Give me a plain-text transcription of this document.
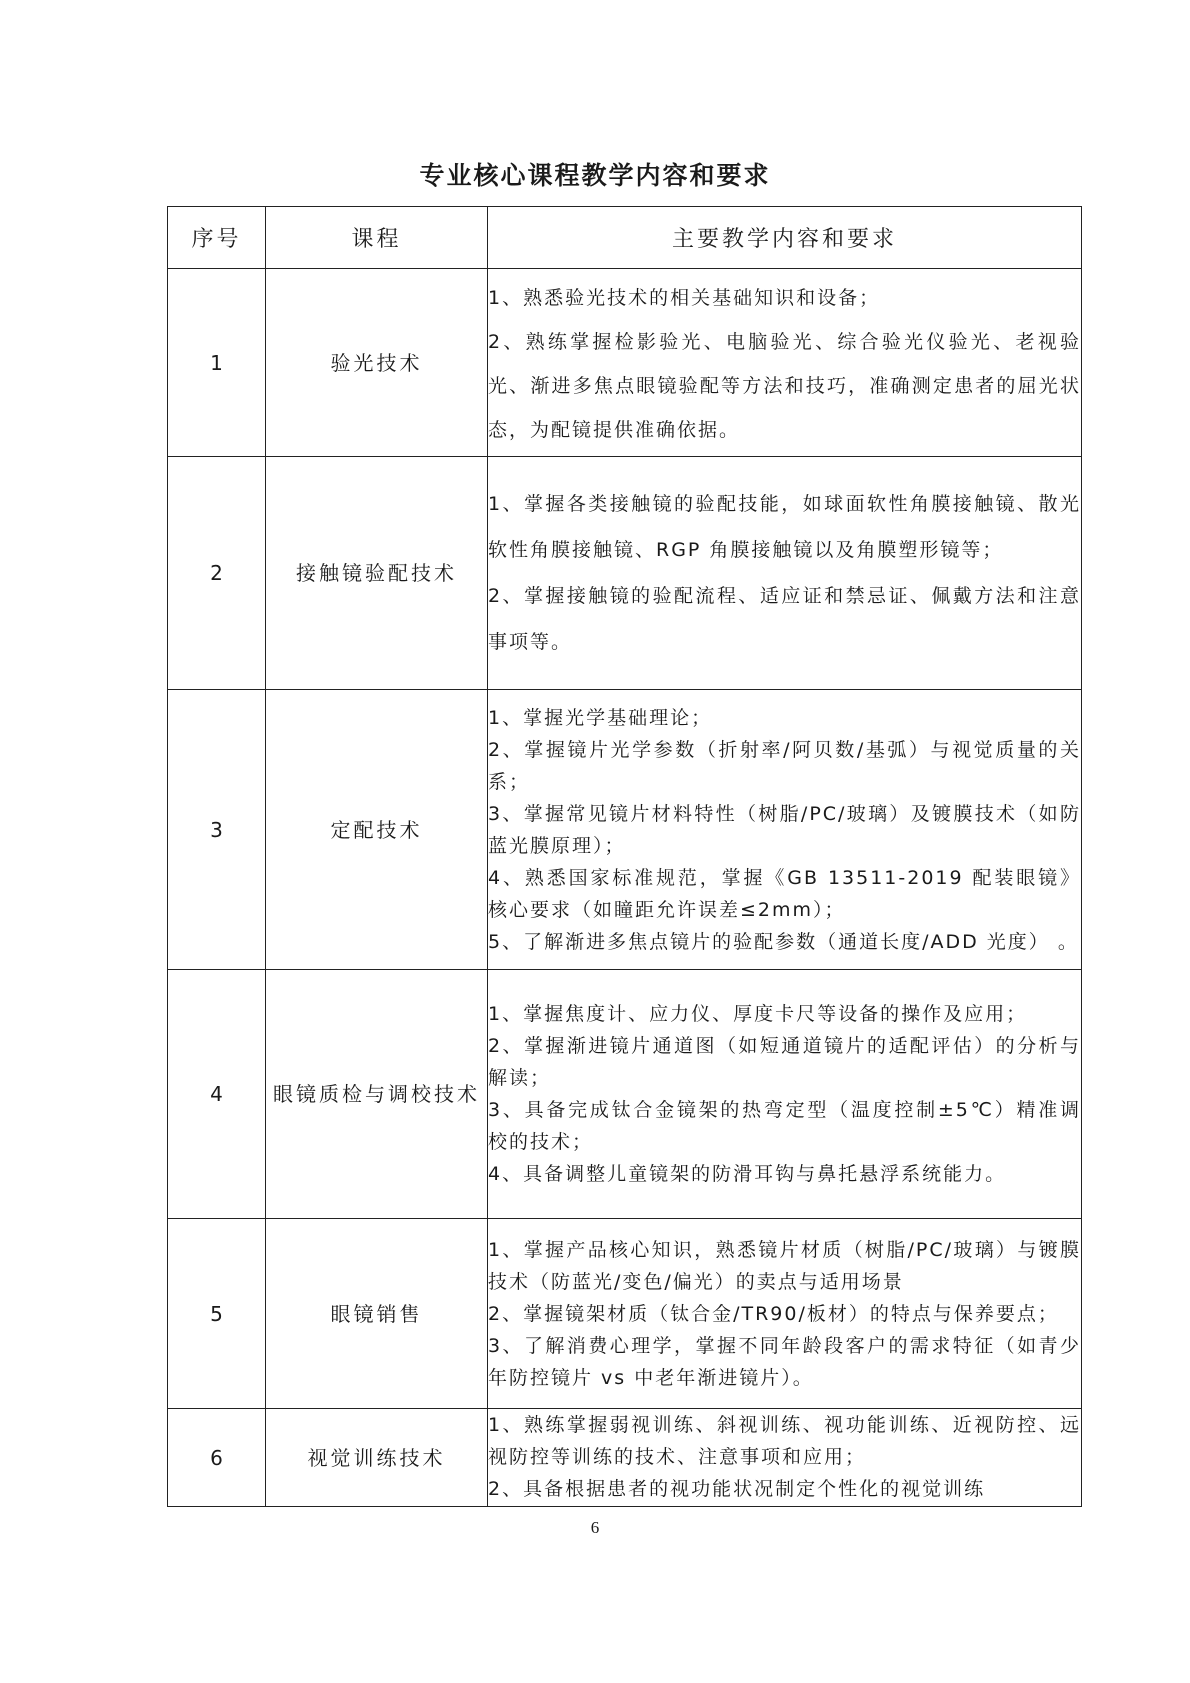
专业核心课程教学内容和要求
序号	课程	主要教学内容和要求
1	验光技术	1、熟悉验光技术的相关基础知识和设备；
2、熟练掌握检影验光、电脑验光、综合验光仪验光、老视验光、渐进多焦点眼镜验配等方法和技巧，准确测定患者的屈光状态，为配镜提供准确依据。

2	接触镜验配技术	1、掌握各类接触镜的验配技能，如球面软性角膜接触镜、散光软性角膜接触镜、RGP 角膜接触镜以及角膜塑形镜等；
2、掌握接触镜的验配流程、适应证和禁忌证、佩戴方法和注意事项等。

3	定配技术	1、掌握光学基础理论；
2、掌握镜片光学参数（折射率/阿贝数/基弧）与视觉质量的关系；
3、掌握常见镜片材料特性（树脂/PC/玻璃）及镀膜技术（如防蓝光膜原理）；
4、熟悉国家标准规范，掌握《GB 13511-2019 配装眼镜》核心要求（如瞳距允许误差≤2mm）；
5、了解渐进多焦点镜片的验配参数（通道长度/ADD 光度） 。

4	眼镜质检与调校技术	1、掌握焦度计、应力仪、厚度卡尺等设备的操作及应用；
2、掌握渐进镜片通道图（如短通道镜片的适配评估）的分析与解读；
3、具备完成钛合金镜架的热弯定型（温度控制±5℃）精准调校的技术；
4、具备调整儿童镜架的防滑耳钩与鼻托悬浮系统能力。

5	眼镜销售	1、掌握产品核心知识，熟悉镜片材质（树脂/PC/玻璃）与镀膜技术（防蓝光/变色/偏光）的卖点与适用场景
2、掌握镜架材质（钛合金/TR90/板材）的特点与保养要点；
3、了解消费心理学，掌握不同年龄段客户的需求特征（如青少年防控镜片 vs 中老年渐进镜片）。

6	视觉训练技术	1、熟练掌握弱视训练、斜视训练、视功能训练、近视防控、远视防控等训练的技术、注意事项和应用；
2、具备根据患者的视功能状况制定个性化的视觉训练
6
